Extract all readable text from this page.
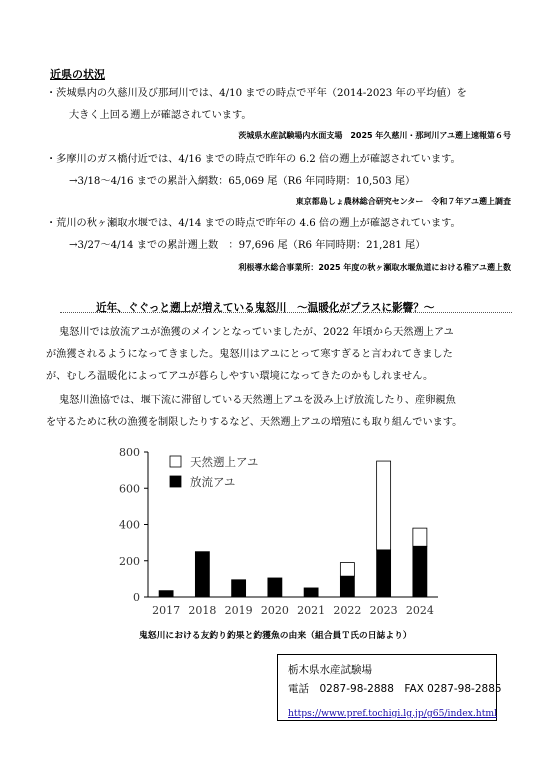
近県の状況
・茨城県内の久慈川及び那珂川では、4/10 までの時点で平年（2014-2023 年の平均値）を
大きく上回る遡上が確認されています。
茨城県水産試験場内水面支場　2025 年久慈川・那珂川アユ遡上速報第６号
・多摩川のガス橋付近では、4/16 までの時点で昨年の 6.2 倍の遡上が確認されています。
→3/18～4/16 までの累計入網数：65,069 尾（R6 年同時期：10,503 尾）
東京都島しょ農林総合研究センター　令和７年アユ遡上調査
・荒川の秋ヶ瀬取水堰では、4/14 までの時点で昨年の 4.6 倍の遡上が確認されています。
→3/27～4/14 までの累計遡上数　：97,696 尾（R6 年同時期：21,281 尾）
利根導水総合事業所：2025 年度の秋ヶ瀬取水堰魚道における稚アユ遡上数
近年、ぐぐっと遡上が増えている鬼怒川　～温暖化がプラスに影響？～
鬼怒川では放流アユが漁獲のメインとなっていましたが、2022 年頃から天然遡上アユ
が漁獲されるようになってきました。鬼怒川はアユにとって寒すぎると言われてきました
が、むしろ温暖化によってアユが暮らしやすい環境になってきたのかもしれません。
鬼怒川漁協では、堰下流に滞留している天然遡上アユを汲み上げ放流したり、産卵親魚
を守るために秋の漁獲を制限したりするなど、天然遡上アユの増殖にも取り組んでいます。
0
200
400
600
800
2017 2018 2019 2020 2021 2022 2023 2024
天然遡上アユ
放流アユ
鬼怒川における友釣り釣果と釣獲魚の由来（組合員Ｔ氏の日誌より）
栃木県水産試験場
電話　0287-98-2888　FAX 0287-98-2885
https://www.pref.tochigi.lg.jp/g65/index.html
